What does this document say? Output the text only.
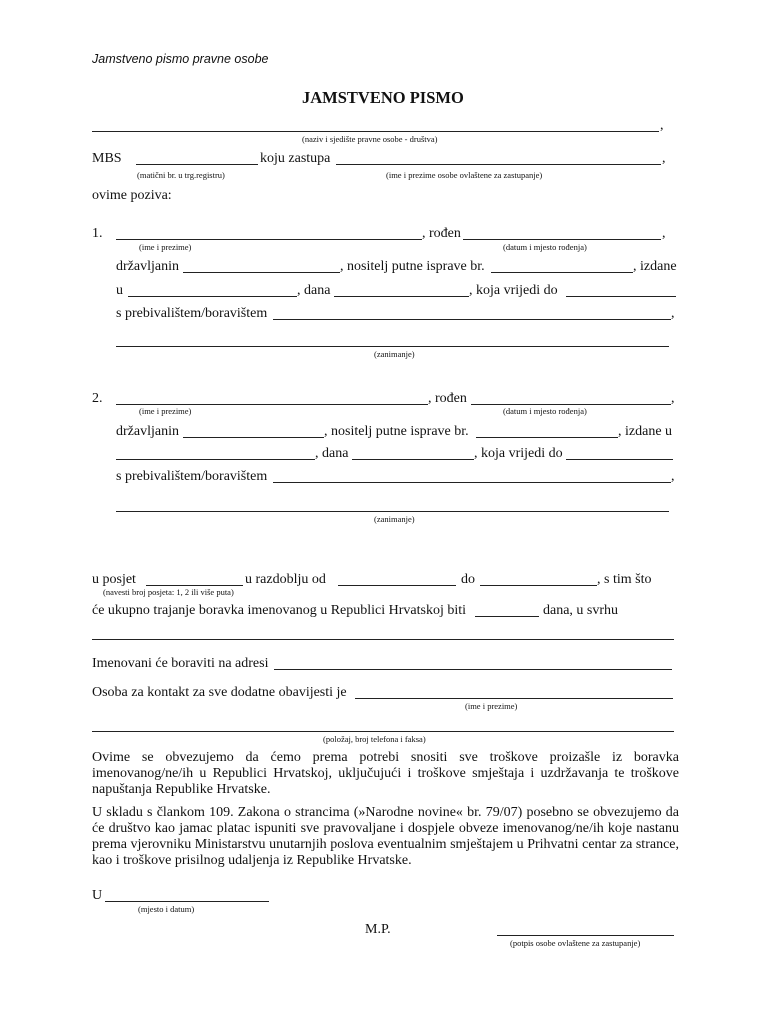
Jamstveno pismo pravne osobe
JAMSTVENO PISMO
,
(naziv i sjedište pravne osobe - društva)
MBS	koju zastupa	,
(matični br. u trg.registru)	(ime i prezime osobe ovlaštene za zastupanje)
ovime poziva:
1.	, rođen	,
(ime i prezime)	(datum i mjesto rođenja)
državljanin	, nositelj putne isprave br.	, izdane
u	, dana	, koja vrijedi do
s prebivalištem/boravištem	,
(zanimanje)
2.	, rođen	,
(ime i prezime)	(datum i mjesto rođenja)
državljanin	, nositelj putne isprave br.	, izdane u
, dana	, koja vrijedi do
s prebivalištem/boravištem	,
(zanimanje)
u posjet	u razdoblju od	do	, s tim što
(navesti broj posjeta: 1, 2 ili više puta)
će ukupno trajanje boravka imenovanog u Republici Hrvatskoj biti	dana, u svrhu
Imenovani će boraviti na adresi
Osoba za kontakt za sve dodatne obavijesti je
(ime i prezime)
(položaj, broj telefona i faksa)
Ovime se obvezujemo da ćemo prema potrebi snositi sve troškove proizašle iz boravka imenovanog/ne/ih u Republici Hrvatskoj, uključujući i troškove smještaja i uzdržavanja te troškove napuštanja Republike Hrvatske.
U skladu s člankom 109. Zakona o strancima (»Narodne novine« br. 79/07) posebno se obvezujemo da će društvo kao jamac platac ispuniti sve pravovaljane i dospjele obveze imenovanog/ne/ih koje nastanu prema vjerovniku Ministarstvu unutarnjih poslova eventualnim smještajem u Prihvatni centar za strance, kao i troškove prisilnog udaljenja iz Republike Hrvatske.
U
(mjesto i datum)
M.P.
(potpis osobe ovlaštene za zastupanje)
